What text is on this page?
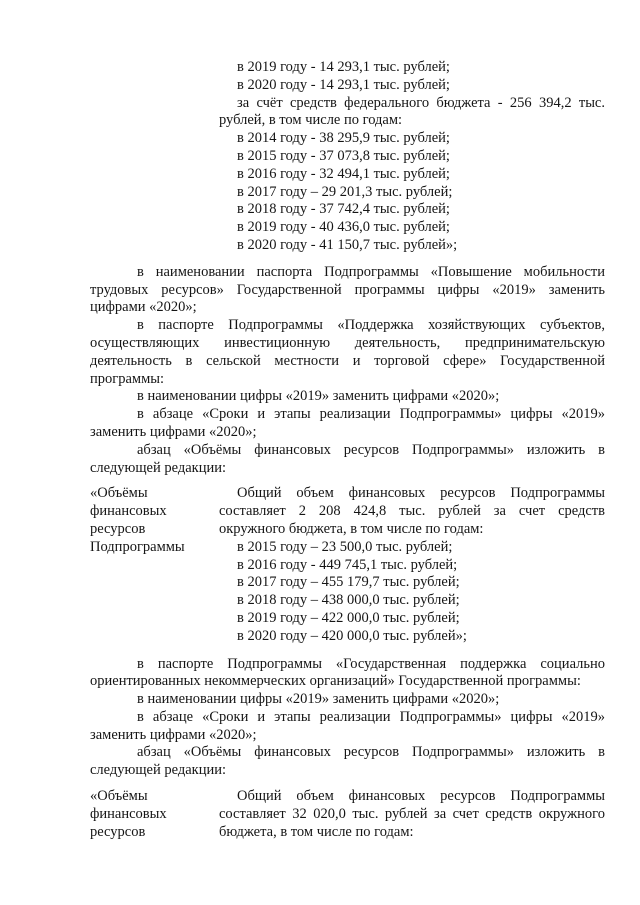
в 2019 году - 14 293,1 тыс. рублей;
в 2020 году - 14 293,1 тыс. рублей;
за счёт средств федерального бюджета - 256 394,2 тыс.
рублей, в том числе по годам:
в 2014 году - 38 295,9 тыс. рублей;
в 2015 году - 37 073,8 тыс. рублей;
в 2016 году - 32 494,1 тыс. рублей;
в 2017 году – 29 201,3 тыс. рублей;
в 2018 году - 37 742,4 тыс. рублей;
в 2019 году - 40 436,0 тыс. рублей;
в 2020 году - 41 150,7 тыс. рублей»;
в наименовании паспорта Подпрограммы «Повышение мобильности
трудовых ресурсов» Государственной программы цифры «2019» заменить
цифрами «2020»;
в паспорте Подпрограммы «Поддержка хозяйствующих субъектов,
осуществляющих инвестиционную деятельность, предпринимательскую
деятельность в сельской местности и торговой сфере» Государственной
программы:
в наименовании цифры «2019» заменить цифрами «2020»;
в абзаце «Сроки и этапы реализации Подпрограммы» цифры «2019»
заменить цифрами «2020»;
абзац «Объёмы финансовых ресурсов Подпрограммы» изложить в
следующей редакции:
«Объёмы
финансовых
ресурсов
Подпрограммы
Общий объем финансовых ресурсов Подпрограммы
составляет 2 208 424,8 тыс. рублей за счет средств
окружного бюджета, в том числе по годам:
в 2015 году – 23 500,0 тыс. рублей;
в 2016 году - 449 745,1 тыс. рублей;
в 2017 году – 455 179,7 тыс. рублей;
в 2018 году – 438 000,0 тыс. рублей;
в 2019 году – 422 000,0 тыс. рублей;
в 2020 году – 420 000,0 тыс. рублей»;
в паспорте Подпрограммы «Государственная поддержка социально
ориентированных некоммерческих организаций» Государственной программы:
в наименовании цифры «2019» заменить цифрами «2020»;
в абзаце «Сроки и этапы реализации Подпрограммы» цифры «2019»
заменить цифрами «2020»;
абзац «Объёмы финансовых ресурсов Подпрограммы» изложить в
следующей редакции:
«Объёмы
финансовых
ресурсов
Общий объем финансовых ресурсов Подпрограммы
составляет 32 020,0 тыс. рублей за счет средств окружного
бюджета, в том числе по годам:
